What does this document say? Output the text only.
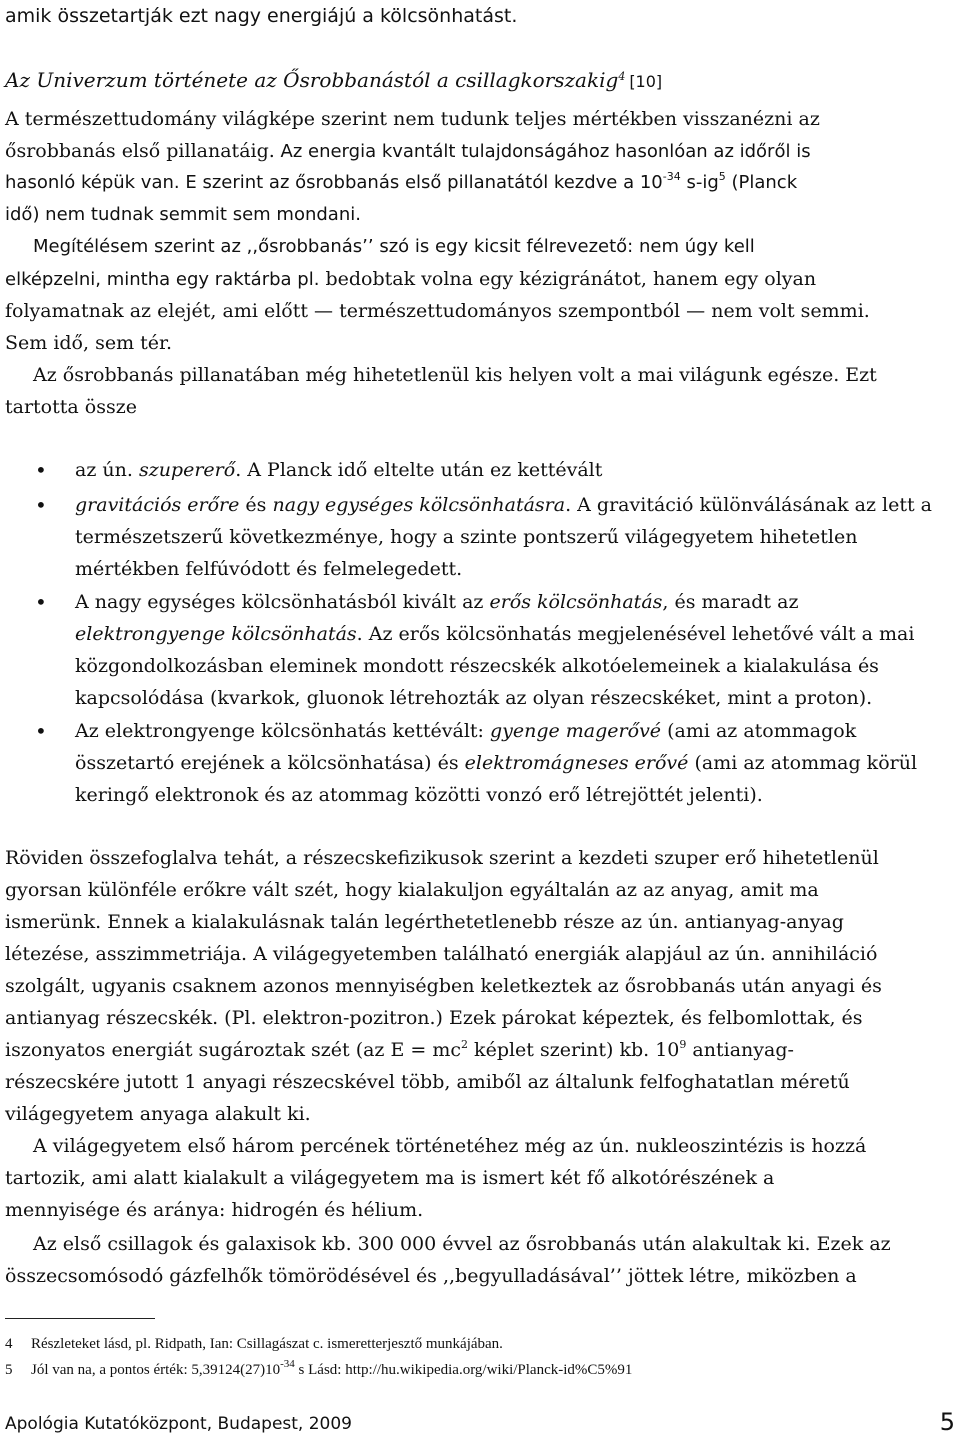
amik összetartják ezt nagy energiájú a kölcsönhatást.
Az Univerzum története az Ősrobbanástól a csillagkorszakig$^4$ [10]
A természettudomány világképe szerint nem tudunk teljes mértékben visszanézni az
ősrobbanás első pillanatáig. Az energia kvantált tulajdonságához hasonlóan az időről is
hasonló képük van. E szerint az ősrobbanás első pillanatától kezdve a $10^{-34}$ $s-ig^5$ (Planck
idő) nem tudnak semmit sem mondani.
Megítélésem szerint az ,,ősrobbanás’’ szó is egy kicsit félrevezető: nem úgy kell
elképzelni, mintha egy raktárba pl. bedobtak volna egy kézigránátot, hanem egy olyan
folyamatnak az elejét, ami előtt — természettudományos szempontból — nem volt semmi.
Sem idő, sem tér.
Az ősrobbanás pillanatában még hihetetlenül kis helyen volt a mai világunk egésze. Ezt
tartotta össze
• az ún. szupererő. A Planck idő eltelte után ez kettévált
• gravitációs erőre és nagy egységes kölcsönhatásra. A gravitáció különválásának az lett a
természetszerű következménye, hogy a szinte pontszerű világegyetem hihetetlen
mértékben felfúvódott és felmelegedett.
• A nagy egységes kölcsönhatásból kivált az erős kölcsönhatás, és maradt az
elektrongyenge kölcsönhatás. Az erős kölcsönhatás megjelenésével lehetővé vált a mai
közgondolkozásban eleminek mondott részecskék alkotóelemeinek a kialakulása és
kapcsolódása (kvarkok, gluonok létrehozták az olyan részecskéket, mint a proton).
• Az elektrongyenge kölcsönhatás kettévált: gyenge magerővé (ami az atommagok
összetartó erejének a kölcsönhatása) és elektromágneses erővé (ami az atommag körül
keringő elektronok és az atommag közötti vonzó erő létrejöttét jelenti).
Röviden összefoglalva tehát, a részecskefizikusok szerint a kezdeti szuper erő hihetetlenül
gyorsan különféle erőkre vált szét, hogy kialakuljon egyáltalán az az anyag, amit ma
ismerünk. Ennek a kialakulásnak talán legérthetetlenebb része az ún. antianyag-anyag
létezése, asszimmetriája. A világegyetemben található energiák alapjául az ún. annihiláció
szolgált, ugyanis csaknem azonos mennyiségben keletkeztek az ősrobbanás után anyagi és
antianyag részecskék. (Pl. elektron-pozitron.) Ezek párokat képeztek, és felbomlottak, és
iszonyatos energiát sugároztak szét (az $E = mc^2$ képlet szerint) kb. $10^9$ antianyag-
részecskére jutott 1 anyagi részecskével több, amiből az általunk felfoghatatlan méretű
világegyetem anyaga alakult ki.
A világegyetem első három percének történetéhez még az ún. nukleoszintézis is hozzá
tartozik, ami alatt kialakult a világegyetem ma is ismert két fő alkotórészének a
mennyisége és aránya: hidrogén és hélium.
Az első csillagok és galaxisok kb. 300 000 évvel az ősrobbanás után alakultak ki. Ezek az
összecsomósodó gázfelhők tömörödésével és ,,begyulladásával’’ jöttek létre, miközben a
4 Részleteket lásd, pl. Ridpath, Ian: Csillagászat c. ismeretterjesztő munkájában.
5 Jól van na, a pontos érték: $5,39124(27)10^{-34}$ s Lásd: http://hu.wikipedia.org/wiki/Planck-id%C5%91
Apológia Kutatóközpont, Budapest, 2009	5
